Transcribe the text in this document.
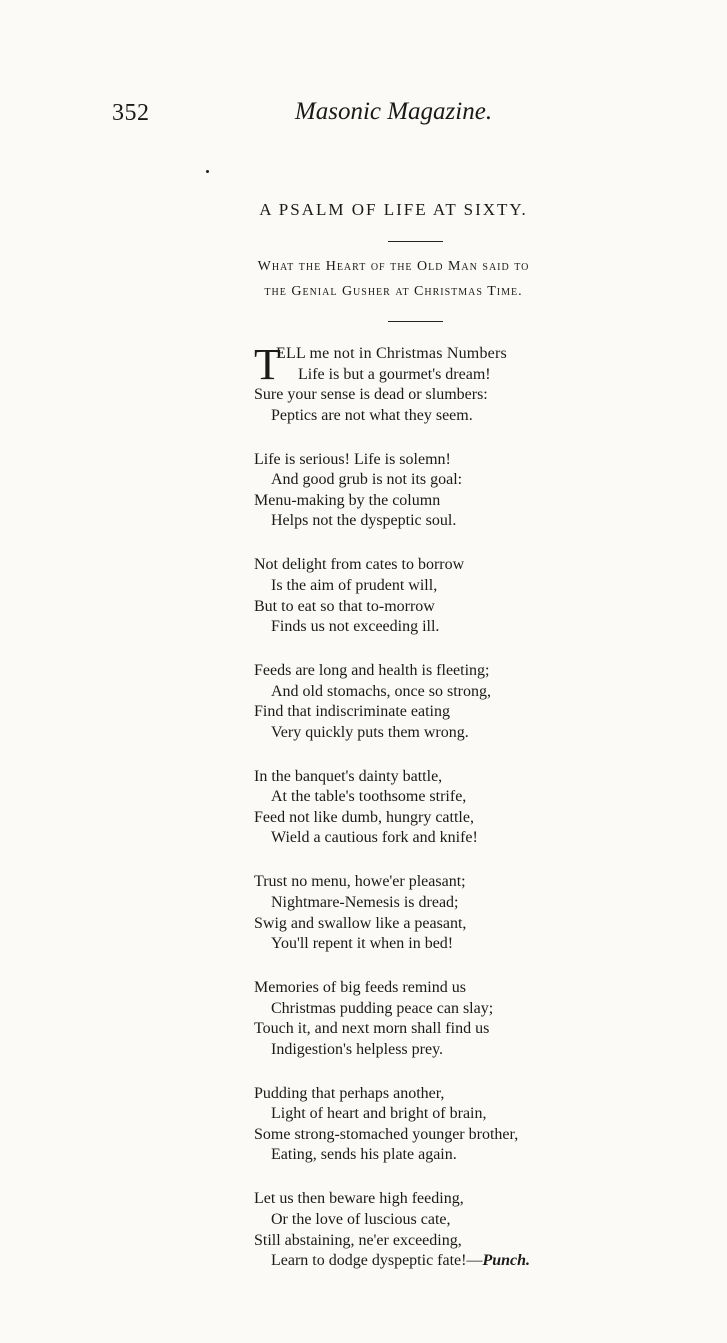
352	Masonic Magazine.
A PSALM OF LIFE AT SIXTY.
What the Heart of the Old Man said to
the Genial Gusher at Christmas Time.
T
ELL me not in Christmas Numbers
Life is but a gourmet's dream!
Sure your sense is dead or slumbers:
Peptics are not what they seem.
Life is serious! Life is solemn!
And good grub is not its goal:
Menu-making by the column
Helps not the dyspeptic soul.
Not delight from cates to borrow
Is the aim of prudent will,
But to eat so that to-morrow
Finds us not exceeding ill.
Feeds are long and health is fleeting;
And old stomachs, once so strong,
Find that indiscriminate eating
Very quickly puts them wrong.
In the banquet's dainty battle,
At the table's toothsome strife,
Feed not like dumb, hungry cattle,
Wield a cautious fork and knife!
Trust no menu, howe'er pleasant;
Nightmare-Nemesis is dread;
Swig and swallow like a peasant,
You'll repent it when in bed!
Memories of big feeds remind us
Christmas pudding peace can slay;
Touch it, and next morn shall find us
Indigestion's helpless prey.
Pudding that perhaps another,
Light of heart and bright of brain,
Some strong-stomached younger brother,
Eating, sends his plate again.
Let us then beware high feeding,
Or the love of luscious cate,
Still abstaining, ne'er exceeding,
Learn to dodge dyspeptic fate!—Punch.
